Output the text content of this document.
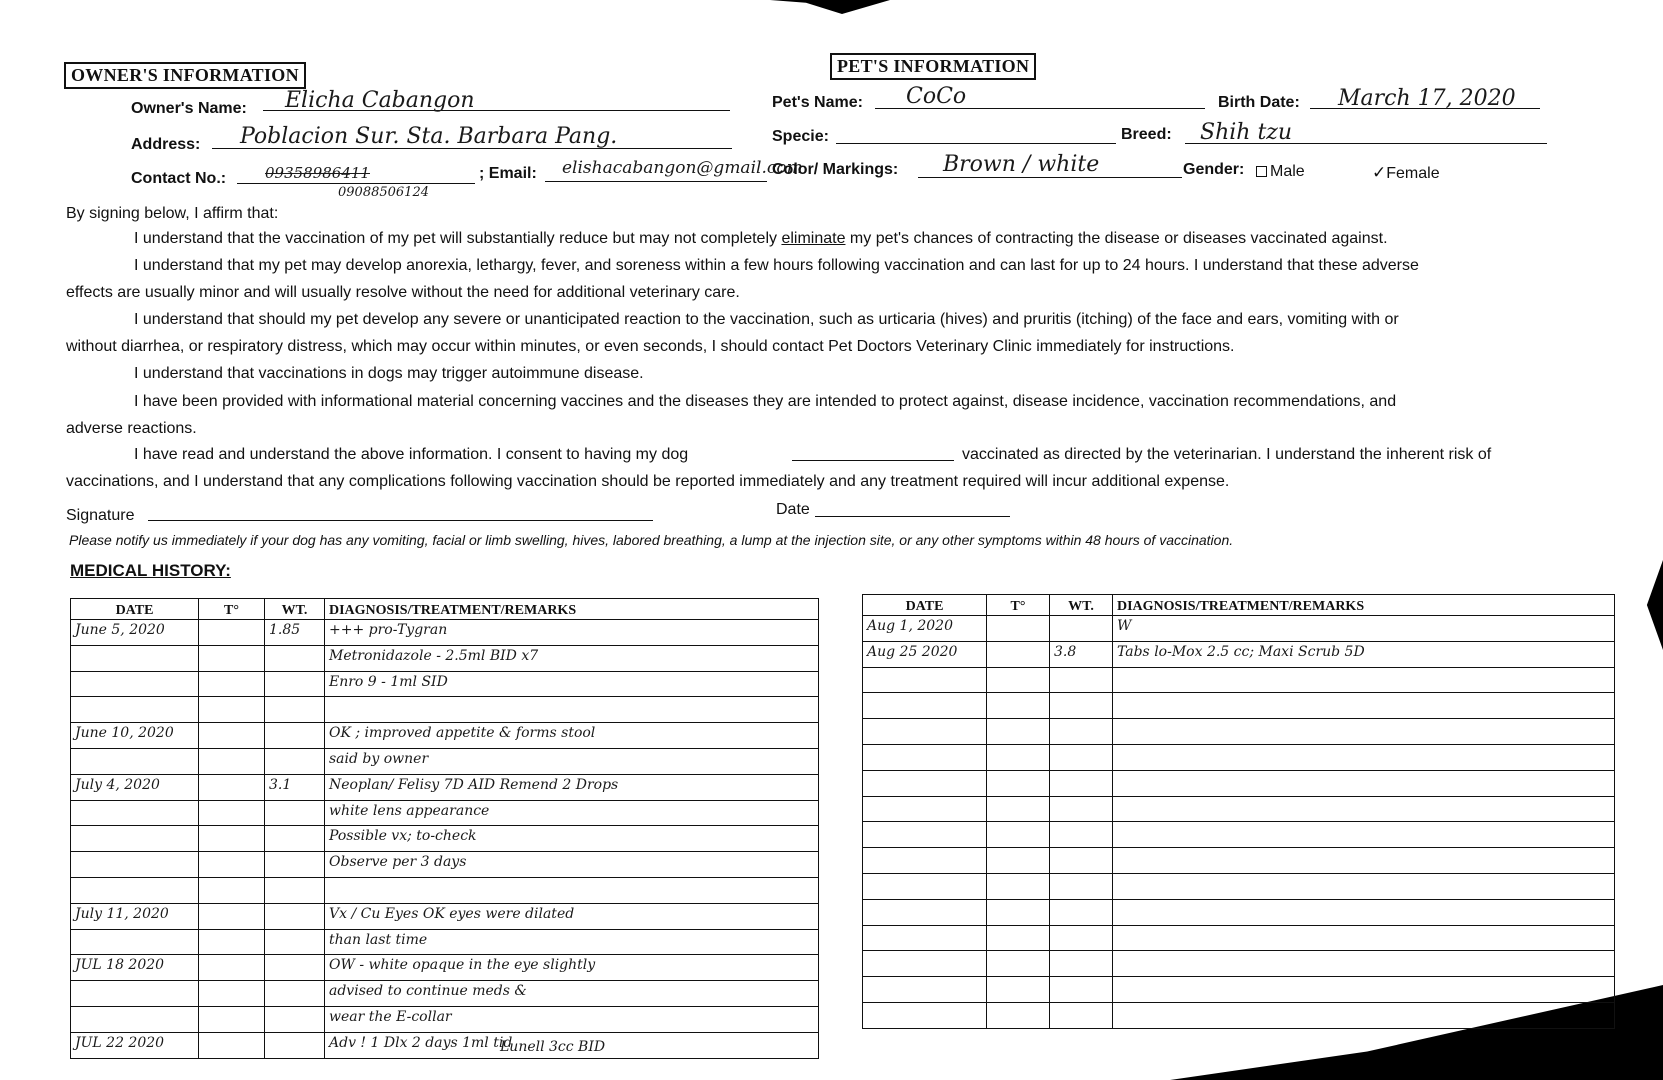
OWNER'S INFORMATION	PET'S INFORMATION
Owner's Name: Elicha Cabangon
Address: Poblacion Sur. Sta. Barbara Pang.
Contact No.:	09358986411
09088506124
; Email: elishacabangon@gmail.com
Pet's Name: CoCo	Birth Date: March 17, 2020
Specie:	Breed: Shih tzu
Color/ Markings: Brown / white	Gender:	Male	✓Female
By signing below, I affirm that:
I understand that the vaccination of my pet will substantially reduce but may not completely eliminate my pet's chances of contracting the disease or diseases vaccinated against.
I understand that my pet may develop anorexia, lethargy, fever, and soreness within a few hours following vaccination and can last for up to 24 hours. I understand that these adverse
effects are usually minor and will usually resolve without the need for additional veterinary care.
I understand that should my pet develop any severe or unanticipated reaction to the vaccination, such as urticaria (hives) and pruritis (itching) of the face and ears, vomiting with or
without diarrhea, or respiratory distress, which may occur within minutes, or even seconds, I should contact Pet Doctors Veterinary Clinic immediately for instructions.
I understand that vaccinations in dogs may trigger autoimmune disease.
I have been provided with informational material concerning vaccines and the diseases they are intended to protect against, disease incidence, vaccination recommendations, and
adverse reactions.
I have read and understand the above information. I consent to having my dog	vaccinated as directed by the veterinarian. I understand the inherent risk of
vaccinations, and I understand that any complications following vaccination should be reported immediately and any treatment required will incur additional expense.
Signature	Date
Please notify us immediately if your dog has any vomiting, facial or limb swelling, hives, labored breathing, a lump at the injection site, or any other symptoms within 48 hours of vaccination.
MEDICAL HISTORY:
DATE	T°	WT.	DIAGNOSIS/TREATMENT/REMARKS

June 5, 2020		1.85	+++ pro-Tygran

			Metronidazole - 2.5ml BID x7

			Enro 9 - 1ml SID

June 10, 2020			OK ; improved appetite & forms stool

			said by owner

July 4, 2020		3.1	Neoplan/ Felisy 7D AID Remend 2 Drops

			white lens appearance

			Possible vx; to-check

			Observe per 3 days

July 11, 2020			Vx / Cu Eyes OK eyes were dilated

			than last time

JUL 18 2020			OW - white opaque in the eye slightly

			advised to continue meds &

			wear the E-collar

JUL 22 2020			Adv ! 1 Dlx 2 days 1ml tid
Lunell 3cc BID
DATE	T°	WT.	DIAGNOSIS/TREATMENT/REMARKS

Aug 1, 2020			W

Aug 25 2020		3.8	Tabs lo-Mox 2.5 cc; Maxi Scrub 5D
